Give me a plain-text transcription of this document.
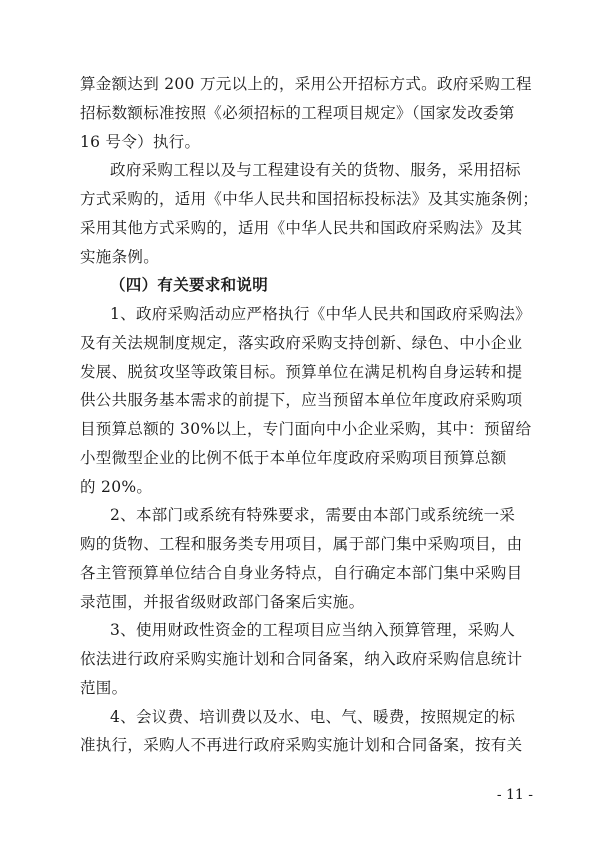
算金额达到 200 万元以上的，采用公开招标方式。政府采购工程
招标数额标准按照《必须招标的工程项目规定》（国家发改委第
16 号令）执行。
政府采购工程以及与工程建设有关的货物、服务，采用招标
方式采购的，适用《中华人民共和国招标投标法》及其实施条例；
采用其他方式采购的，适用《中华人民共和国政府采购法》及其
实施条例。
（四）有关要求和说明
1、政府采购活动应严格执行《中华人民共和国政府采购法》
及有关法规制度规定，落实政府采购支持创新、绿色、中小企业
发展、脱贫攻坚等政策目标。预算单位在满足机构自身运转和提
供公共服务基本需求的前提下，应当预留本单位年度政府采购项
目预算总额的 30%以上，专门面向中小企业采购，其中：预留给
小型微型企业的比例不低于本单位年度政府采购项目预算总额
的 20%。
2、本部门或系统有特殊要求，需要由本部门或系统统一采
购的货物、工程和服务类专用项目，属于部门集中采购项目，由
各主管预算单位结合自身业务特点，自行确定本部门集中采购目
录范围，并报省级财政部门备案后实施。
3、使用财政性资金的工程项目应当纳入预算管理，采购人
依法进行政府采购实施计划和合同备案，纳入政府采购信息统计
范围。
4、会议费、培训费以及水、电、气、暖费，按照规定的标
准执行，采购人不再进行政府采购实施计划和合同备案，按有关
- 11 -
